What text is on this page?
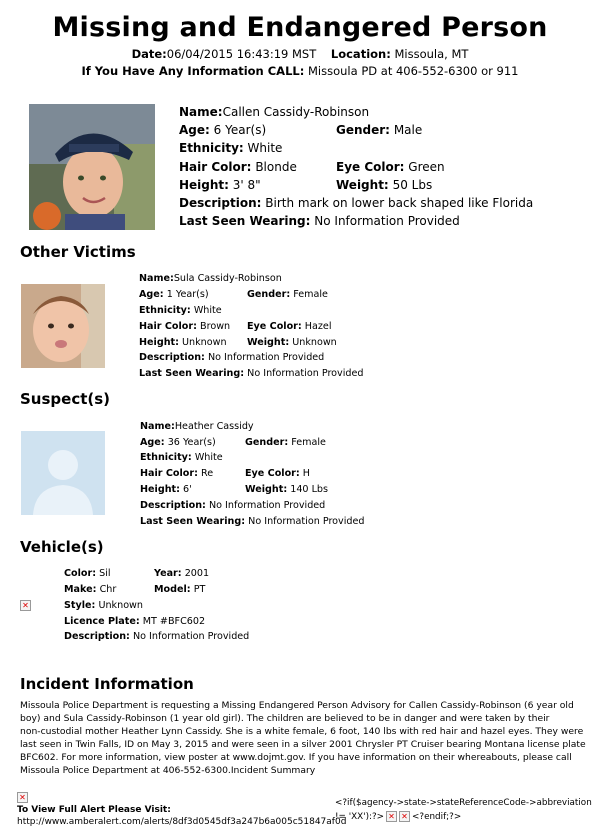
Missing and Endangered Person
Date:06/04/2015 16:43:19 MST Location: Missoula, MT
If You Have Any Information CALL: Missoula PD at 406-552-6300 or 911
Name:Callen Cassidy-Robinson
Age: 6 Year(s)	Gender: Male
Ethnicity: White
Hair Color: Blonde	Eye Color: Green
Height: 3' 8"	Weight: 50 Lbs
Description: Birth mark on lower back shaped like Florida
Last Seen Wearing: No Information Provided
Other Victims
Name:Sula Cassidy-Robinson
Age: 1 Year(s)	Gender: Female
Ethnicity: White
Hair Color: Brown Eye Color: Hazel
Height: Unknown Weight: Unknown
Description: No Information Provided
Last Seen Wearing: No Information Provided
Suspect(s)
Name:Heather Cassidy
Age: 36 Year(s)	Gender: Female
Ethnicity: White
Hair Color: Re	Eye Color: H
Height: 6'	Weight: 140 Lbs
Description: No Information Provided
Last Seen Wearing: No Information Provided
Vehicle(s)
✕
Color: Sil	Year: 2001
Make: Chr	Model: PT
Style: Unknown
Licence Plate: MT #BFC602
Description: No Information Provided
Incident Information
Missoula Police Department is requesting a Missing Endangered Person Advisory for Callen Cassidy-Robinson (6 year old
boy) and Sula Cassidy-Robinson (1 year old girl). The children are believed to be in danger and were taken by their
non-custodial mother Heather Lynn Cassidy. She is a white female, 6 foot, 140 lbs with red hair and hazel eyes. They were
last seen in Twin Falls, ID on May 3, 2015 and were seen in a silver 2001 Chrysler PT Cruiser bearing Montana license plate
BFC602. For more information, view poster at www.dojmt.gov. If you have information on their whereabouts, please call
Missoula Police Department at 406-552-6300.Incident Summary
✕
To View Full Alert Please Visit:
http://www.amberalert.com/alerts/8df3d0545df3a247b6a005c51847af0d
<?if($agency->state->stateReferenceCode->abbreviation
!= 'XX'):?> ✕ ✕ <?endif;?>
